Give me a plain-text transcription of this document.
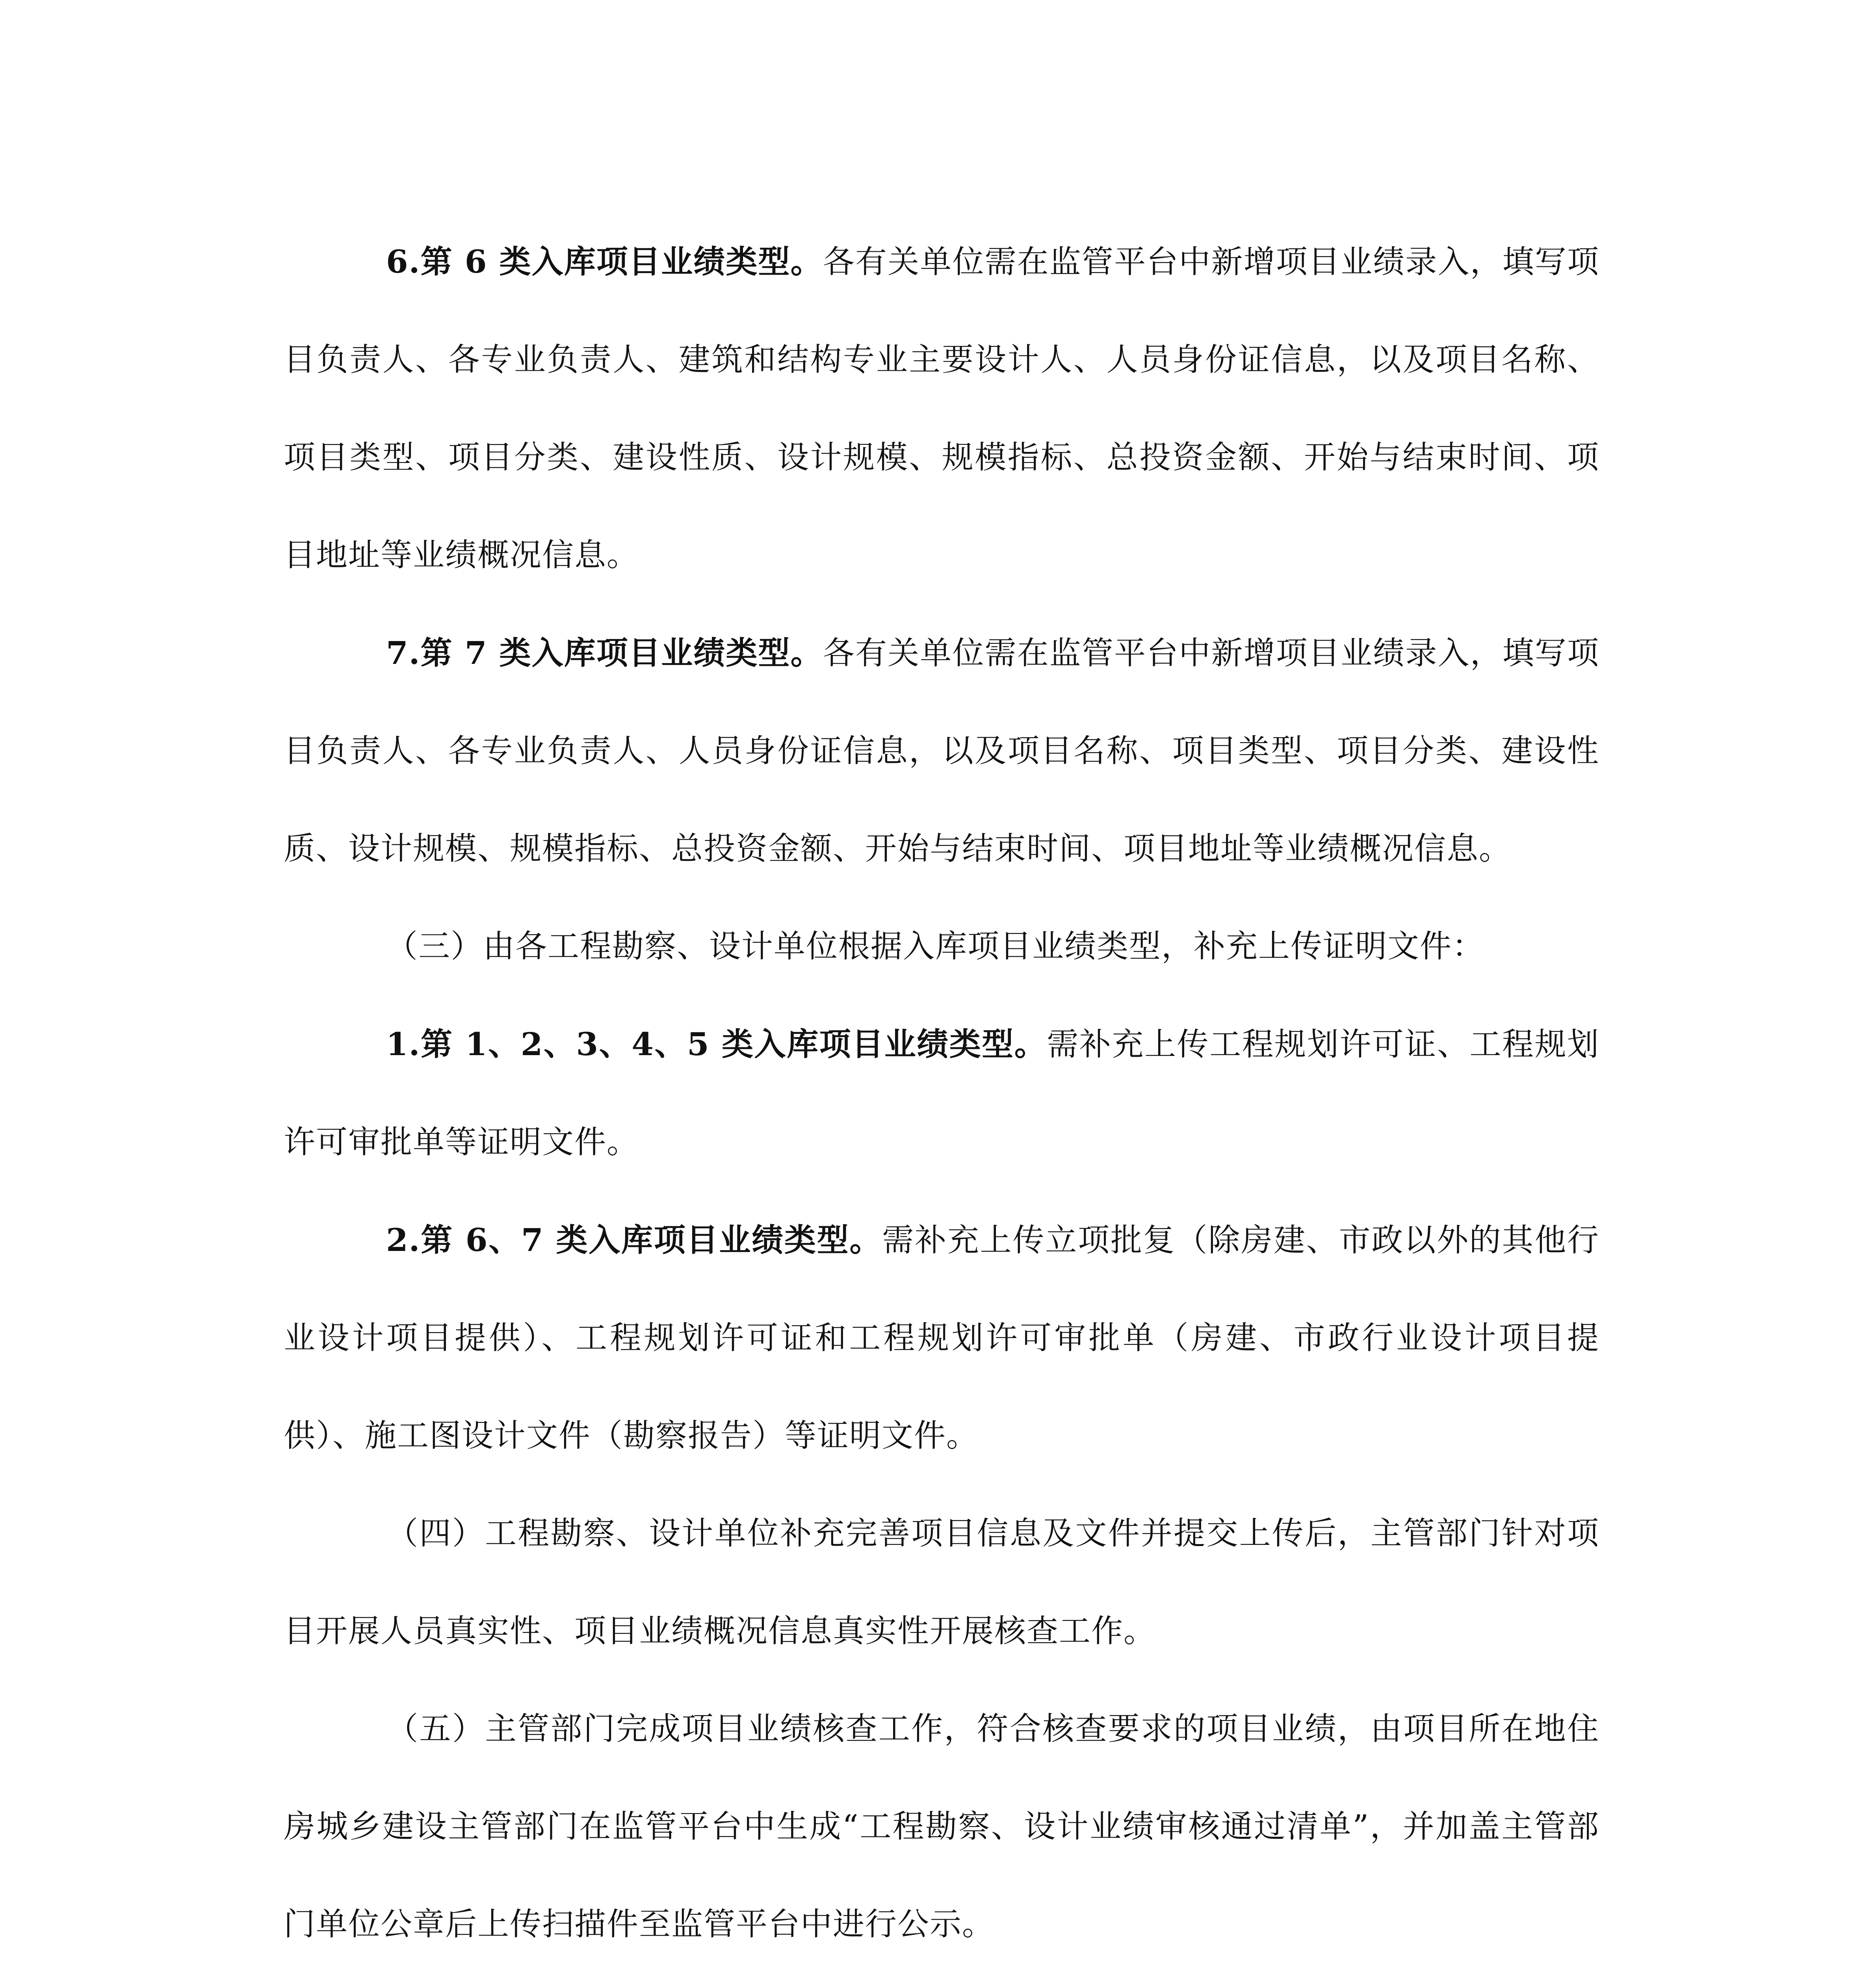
6.第 6 类入库项目业绩类型。各有关单位需在监管平台中新增项目业绩录入，填写项目负责人、各专业负责人、建筑和结构专业主要设计人、人员身份证信息，以及项目名称、项目类型、项目分类、建设性质、设计规模、规模指标、总投资金额、开始与结束时间、项目地址等业绩概况信息。

7.第 7 类入库项目业绩类型。各有关单位需在监管平台中新增项目业绩录入，填写项目负责人、各专业负责人、人员身份证信息，以及项目名称、项目类型、项目分类、建设性质、设计规模、规模指标、总投资金额、开始与结束时间、项目地址等业绩概况信息。

（三）由各工程勘察、设计单位根据入库项目业绩类型，补充上传证明文件：

1.第 1、2、3、4、5 类入库项目业绩类型。需补充上传工程规划许可证、工程规划许可审批单等证明文件。

2.第 6、7 类入库项目业绩类型。需补充上传立项批复（除房建、市政以外的其他行业设计项目提供）、工程规划许可证和工程规划许可审批单（房建、市政行业设计项目提供）、施工图设计文件（勘察报告）等证明文件。

（四）工程勘察、设计单位补充完善项目信息及文件并提交上传后，主管部门针对项目开展人员真实性、项目业绩概况信息真实性开展核查工作。

（五）主管部门完成项目业绩核查工作，符合核查要求的项目业绩，由项目所在地住房城乡建设主管部门在监管平台中生成“工程勘察、设计业绩审核通过清单”，并加盖主管部门单位公章后上传扫描件至监管平台中进行公示。
